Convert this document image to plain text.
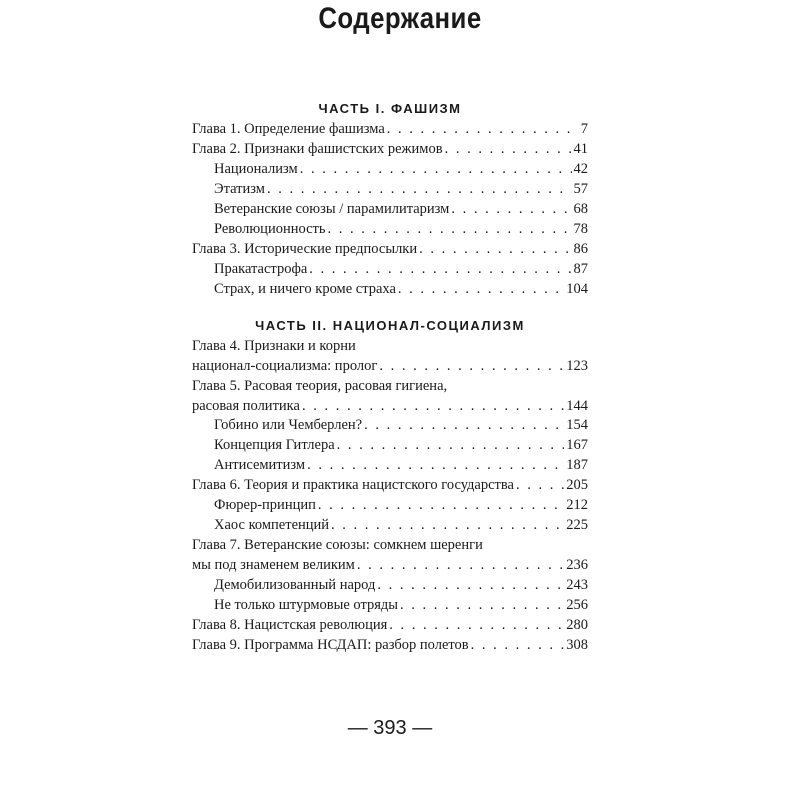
Содержание
ЧАСТЬ I. ФАШИЗМ
Глава 1. Определение фашизма . . .	7
Глава 2. Признаки фашистских режимов . . .	41
Национализм . . .	42
Этатизм . . .	57
Ветеранские союзы / парамилитаризм . . .	68
Революционность . . .	78
Глава 3. Исторические предпосылки . . .	86
Пракатастрофа . . .	87
Страх, и ничего кроме страха . . .	104
ЧАСТЬ II. НАЦИОНАЛ-СОЦИАЛИЗМ
Глава 4. Признаки и корни
национал-социализма: пролог . . .	123
Глава 5. Расовая теория, расовая гигиена,
расовая политика . . .	144
Гобино или Чемберлен? . . .	154
Концепция Гитлера . . .	167
Антисемитизм . . .	187
Глава 6. Теория и практика нацистского государства . . .	205
Фюрер-принцип . . .	212
Хаос компетенций . . .	225
Глава 7. Ветеранские союзы: сомкнем шеренги
мы под знаменем великим . . .	236
Демобилизованный народ . . .	243
Не только штурмовые отряды . . .	256
Глава 8. Нацистская революция . . .	280
Глава 9. Программа НСДАП: разбор полетов . . .	308
— 393 —
